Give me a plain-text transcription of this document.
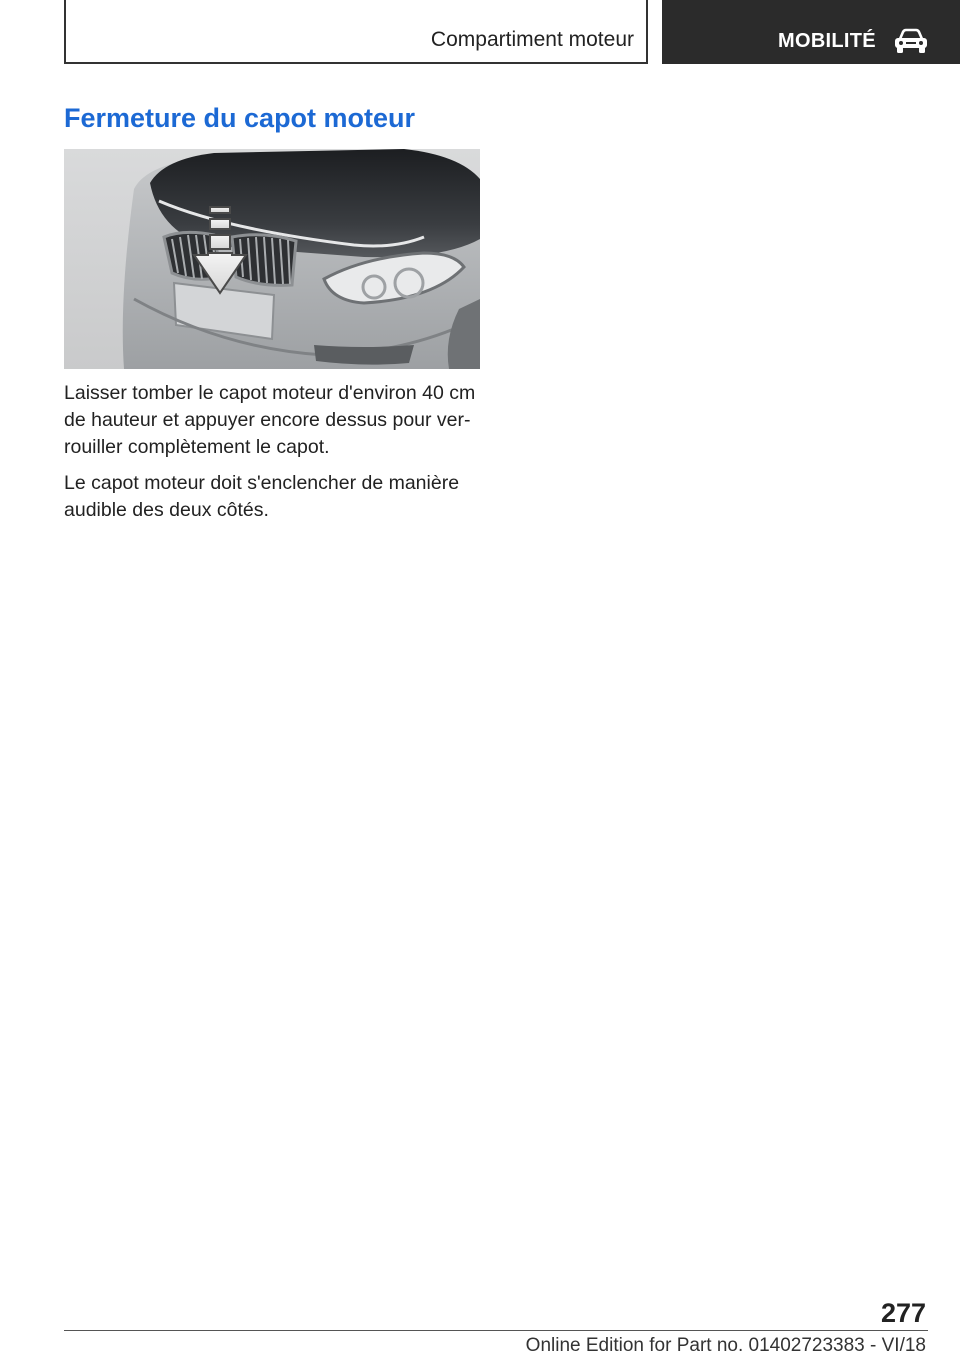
Compartiment moteur	MOBILITÉ
Fermeture du capot moteur

Laisser tomber le capot moteur d'environ 40 cm de hauteur et appuyer encore dessus pour ver-rouiller complètement le capot.

Le capot moteur doit s'enclencher de manière audible des deux côtés.

277
Online Edition for Part no. 01402723383 - VI/18
